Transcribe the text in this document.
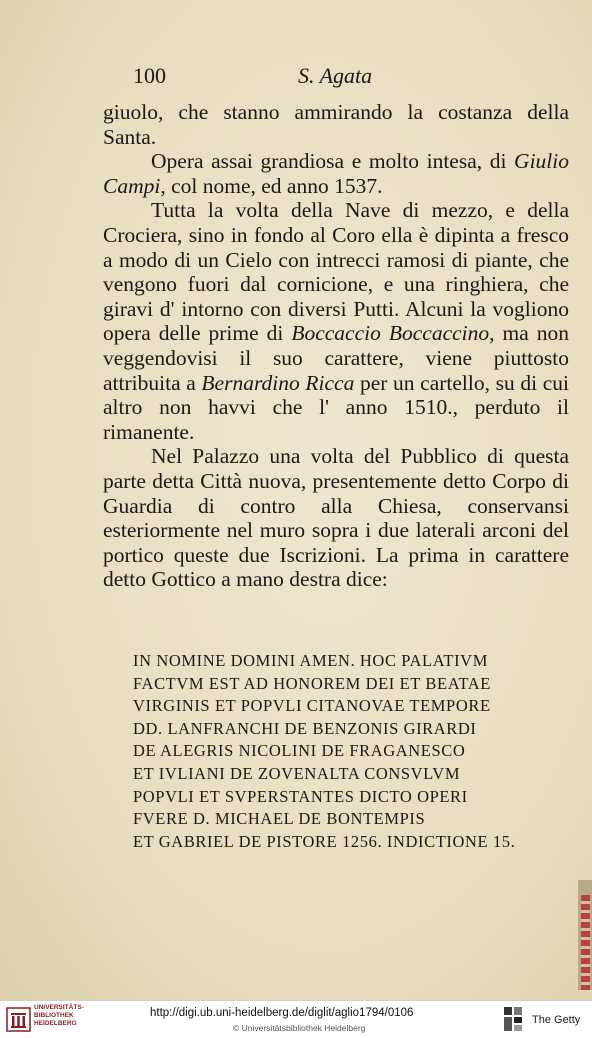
100	S. Agata

giuolo, che stanno ammirando la costanza della Santa.

Opera assai grandiosa e molto intesa, di Giulio Campi, col nome, ed anno 1537.

Tutta la volta della Nave di mezzo, e della Crociera, sino in fondo al Coro ella è dipinta a fresco a modo di un Cielo con intrecci ramosi di piante, che vengono fuori dal cornicione, e una ringhiera, che giravi d' intorno con diversi Putti. Alcuni la vogliono opera delle prime di Boccaccio Boccaccino, ma non veggendovisi il suo carattere, viene piuttosto attribuita a Bernardino Ricca per un cartello, su di cui altro non havvi che l' anno 1510., perduto il rimanente.

Nel Palazzo una volta del Pubblico di questa parte detta Città nuova, presentemente detto Corpo di Guardia di contro alla Chiesa, conservansi esteriormente nel muro sopra i due laterali arconi del portico queste due Iscrizioni. La prima in carattere detto Gottico a mano destra dice:

IN NOMINE DOMINI AMEN. HOC PALATIVM
FACTVM EST AD HONOREM DEI ET BEATAE
VIRGINIS ET POPVLI CITANOVAE TEMPORE
DD. LANFRANCHI DE BENZONIS GIRARDI
DE ALEGRIS NICOLINI DE FRAGANESCO
ET IVLIANI DE ZOVENALTA CONSVLVM
POPVLI ET SVPERSTANTES DICTO OPERI
FVERE D. MICHAEL DE BONTEMPIS
ET GABRIEL DE PISTORE 1256. INDICTIONE 15.
UNIVERSITÄTS-
BIBLIOTHEK
HEIDELBERG
http://digi.ub.uni-heidelberg.de/diglit/aglio1794/0106
© Universitätsbibliothek Heidelberg
The Getty
